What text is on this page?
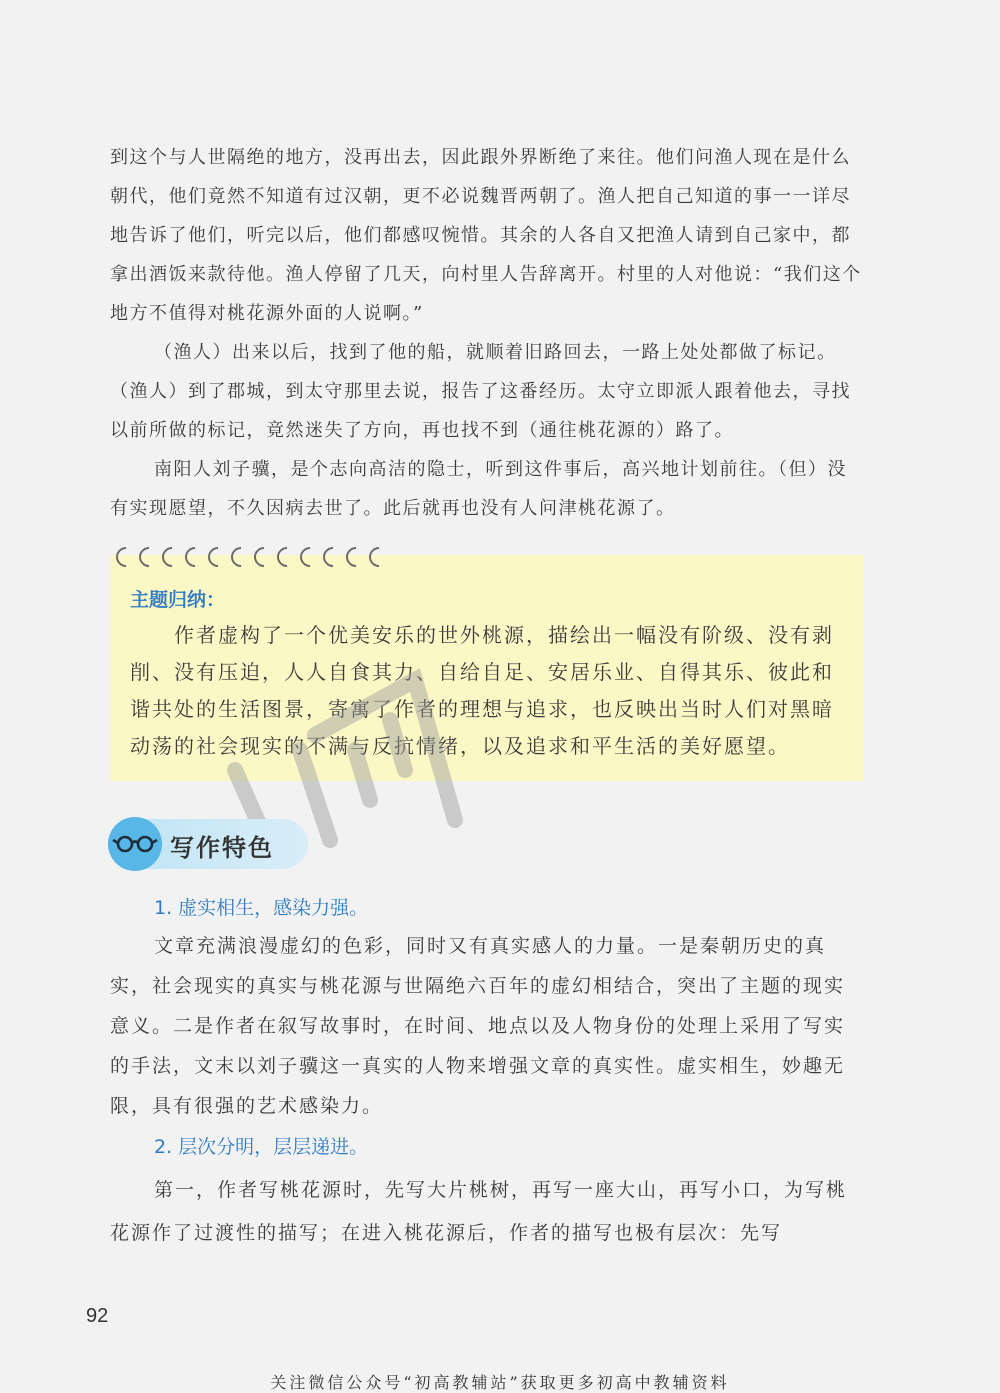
到这个与人世隔绝的地方，没再出去，因此跟外界断绝了来往。他们问渔人现在是什么朝代，他们竟然不知道有过汉朝，更不必说魏晋两朝了。渔人把自己知道的事一一详尽地告诉了他们，听完以后，他们都感叹惋惜。其余的人各自又把渔人请到自己家中，都拿出酒饭来款待他。渔人停留了几天，向村里人告辞离开。村里的人对他说：“我们这个地方不值得对桃花源外面的人说啊。”

（渔人）出来以后，找到了他的船，就顺着旧路回去，一路上处处都做了标记。（渔人）到了郡城，到太守那里去说，报告了这番经历。太守立即派人跟着他去，寻找以前所做的标记，竟然迷失了方向，再也找不到（通往桃花源的）路了。

南阳人刘子骥，是个志向高洁的隐士，听到这件事后，高兴地计划前往。（但）没有实现愿望，不久因病去世了。此后就再也没有人问津桃花源了。

主题归纳：

作者虚构了一个优美安乐的世外桃源，描绘出一幅没有阶级、没有剥削、没有压迫，人人自食其力、自给自足、安居乐业、自得其乐、彼此和谐共处的生活图景，寄寓了作者的理想与追求，也反映出当时人们对黑暗动荡的社会现实的不满与反抗情绪，以及追求和平生活的美好愿望。

写作特色
1. 虚实相生，感染力强。

文章充满浪漫虚幻的色彩，同时又有真实感人的力量。一是秦朝历史的真实，社会现实的真实与桃花源与世隔绝六百年的虚幻相结合，突出了主题的现实意义。二是作者在叙写故事时，在时间、地点以及人物身份的处理上采用了写实的手法，文末以刘子骥这一真实的人物来增强文章的真实性。虚实相生，妙趣无限，具有很强的艺术感染力。

2. 层次分明，层层递进。

第一，作者写桃花源时，先写大片桃树，再写一座大山，再写小口，为写桃花源作了过渡性的描写；在进入桃花源后，作者的描写也极有层次：先写

92
关注微信公众号“初高教辅站”获取更多初高中教辅资料
